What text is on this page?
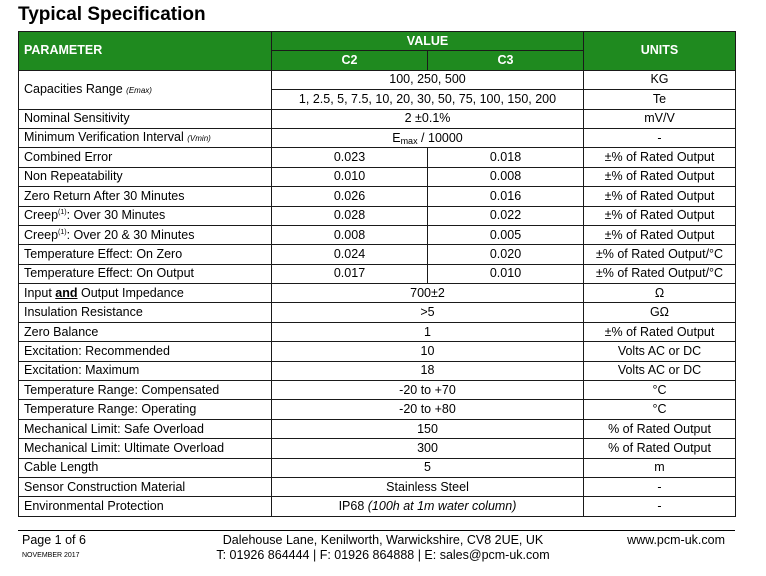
Typical Specification
PARAMETER	VALUE		UNITS
	C2	C3	
Capacities Range (Emax)	100, 250, 500		KG
	1, 2.5, 5, 7.5, 10, 20, 30, 50, 75, 100, 150, 200		Te
Nominal Sensitivity	2 ±0.1%		mV/V
Minimum Verification Interval (Vmin)	$E_{max} / 10000$		-
Combined Error	0.023	0.018	±% of Rated Output
Non Repeatability	0.010	0.008	±% of Rated Output
Zero Return After 30 Minutes	0.026	0.016	±% of Rated Output
Creep$^{(1)}$: Over 30 Minutes	0.028	0.022	±% of Rated Output
Creep$^{(1)}$: Over 20 & 30 Minutes	0.008	0.005	±% of Rated Output
Temperature Effect: On Zero	0.024	0.020	±% of Rated Output/°C
Temperature Effect: On Output	0.017	0.010	±% of Rated Output/°C
Input and Output Impedance	700±2		Ω
Insulation Resistance	>5		GΩ
Zero Balance	1		±% of Rated Output
Excitation: Recommended	10		Volts AC or DC
Excitation: Maximum	18		Volts AC or DC
Temperature Range: Compensated	-20 to +70		°C
Temperature Range: Operating	-20 to +80		°C
Mechanical Limit: Safe Overload	150		% of Rated Output
Mechanical Limit: Ultimate Overload	300		% of Rated Output
Cable Length	5		m
Sensor Construction Material	Stainless Steel		-
Environmental Protection	IP68 (100h at 1m water column)		-
Page 1 of 6
NOVEMBER 2017
Dalehouse Lane, Kenilworth, Warwickshire, CV8 2UE, UK
T: 01926 864444 | F: 01926 864888 | E: sales@pcm-uk.com
www.pcm-uk.com
